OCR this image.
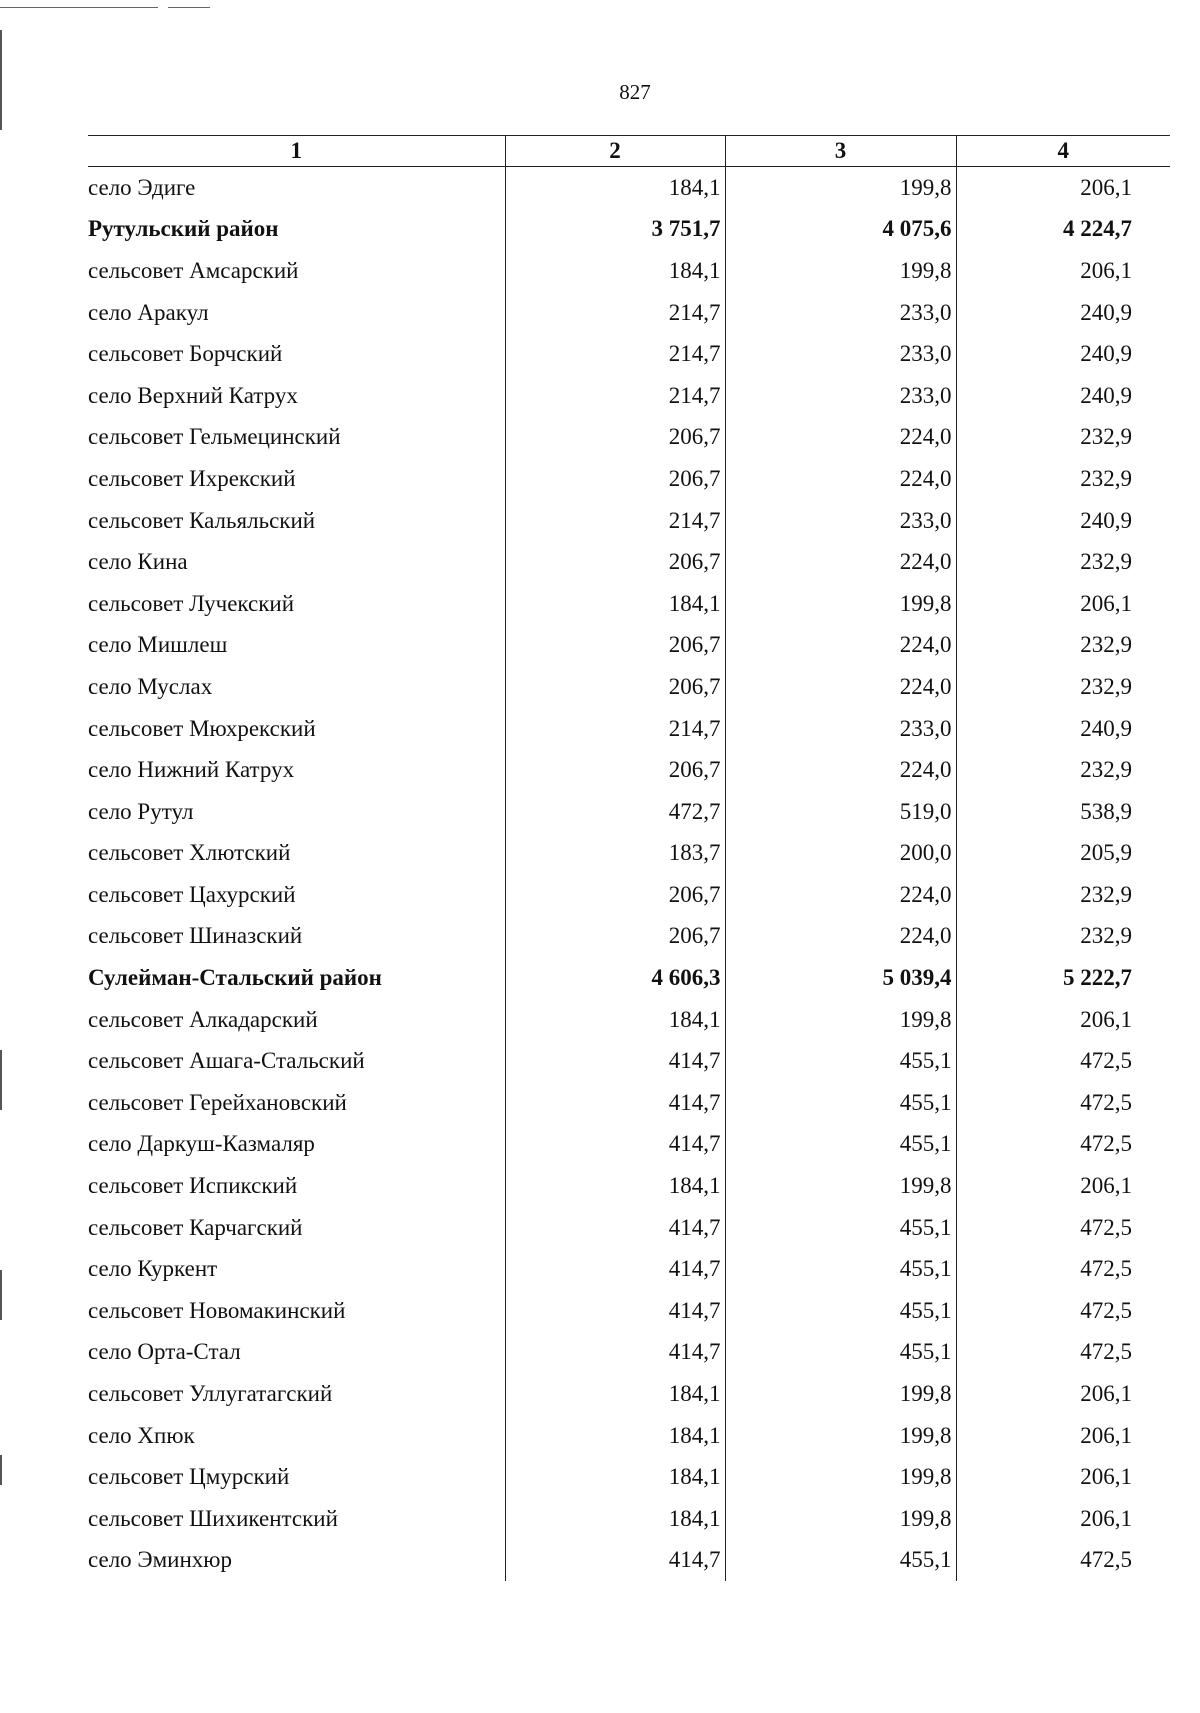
827
1	2	3	4
село Эдиге	184,1	199,8	206,1
Рутульский район	3 751,7	4 075,6	4 224,7
сельсовет Амсарский	184,1	199,8	206,1
село Аракул	214,7	233,0	240,9
сельсовет Борчский	214,7	233,0	240,9
село Верхний Катрух	214,7	233,0	240,9
сельсовет Гельмецинский	206,7	224,0	232,9
сельсовет Ихрекский	206,7	224,0	232,9
сельсовет Кальяльский	214,7	233,0	240,9
село Кина	206,7	224,0	232,9
сельсовет Лучекский	184,1	199,8	206,1
село Мишлеш	206,7	224,0	232,9
село Муслах	206,7	224,0	232,9
сельсовет Мюхрекский	214,7	233,0	240,9
село Нижний Катрух	206,7	224,0	232,9
село Рутул	472,7	519,0	538,9
сельсовет Хлютский	183,7	200,0	205,9
сельсовет Цахурский	206,7	224,0	232,9
сельсовет Шиназский	206,7	224,0	232,9
Сулейман-Стальский район	4 606,3	5 039,4	5 222,7
сельсовет Алкадарский	184,1	199,8	206,1
сельсовет Ашага-Стальский	414,7	455,1	472,5
сельсовет Герейхановский	414,7	455,1	472,5
село Даркуш-Казмаляр	414,7	455,1	472,5
сельсовет Испикский	184,1	199,8	206,1
сельсовет Карчагский	414,7	455,1	472,5
село Куркент	414,7	455,1	472,5
сельсовет Новомакинский	414,7	455,1	472,5
село Орта-Стал	414,7	455,1	472,5
сельсовет Уллугатагский	184,1	199,8	206,1
село Хпюк	184,1	199,8	206,1
сельсовет Цмурский	184,1	199,8	206,1
сельсовет Шихикентский	184,1	199,8	206,1
село Эминхюр	414,7	455,1	472,5
